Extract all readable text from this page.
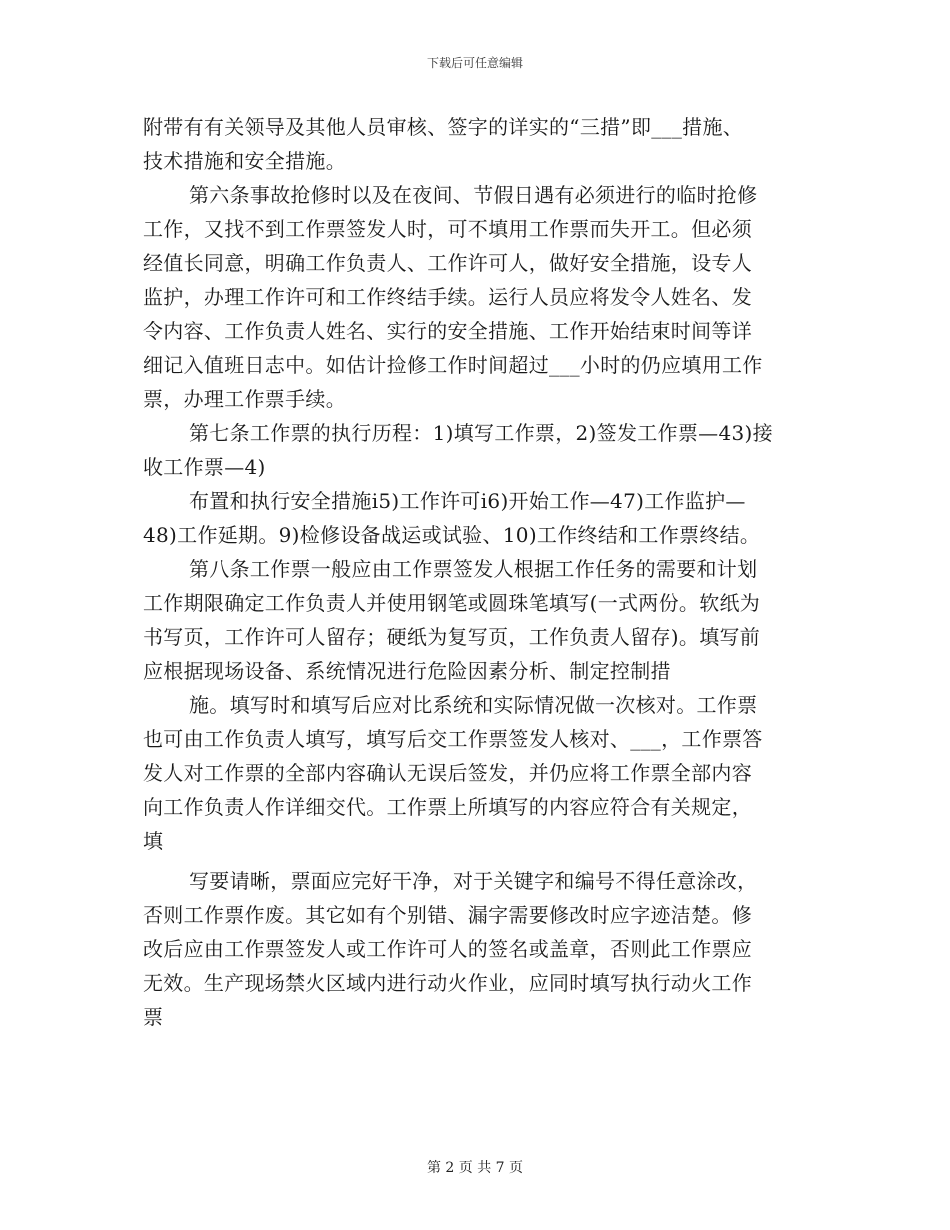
下载后可任意编辑
附带有有关领导及其他人员审核、签字的详实的“三措”即___措施、
技术措施和安全措施。
第六条事故抢修时以及在夜间、节假日遇有必须进行的临时抢修
工作，又找不到工作票签发人时，可不填用工作票而失开工。但必须
经值长同意，明确工作负责人、工作许可人，做好安全措施，设专人
监护，办理工作许可和工作终结手续。运行人员应将发令人姓名、发
令内容、工作负责人姓名、实行的安全措施、工作开始结束时间等详
细记入值班日志中。如估计捡修工作时间超过___小时的仍应填用工作
票，办理工作票手续。
第七条工作票的执行历程：1)填写工作票，2)签发工作票—43)接
收工作票—4)
布置和执行安全措施i5)工作许可i6)开始工作—47)工作监护—
48)工作延期。9)检修设备战运或试验、10)工作终结和工作票终结。
第八条工作票一般应由工作票签发人根据工作任务的需要和计划
工作期限确定工作负责人并使用钢笔或圆珠笔填写(一式两份。软纸为
书写页，工作许可人留存；硬纸为复写页，工作负责人留存)。填写前
应根据现场设备、系统情况进行危险因素分析、制定控制措
施。填写时和填写后应对比系统和实际情况做一次核对。工作票
也可由工作负责人填写，填写后交工作票签发人核对、___，工作票答
发人对工作票的全部内容确认无误后签发，并仍应将工作票全部内容
向工作负责人作详细交代。工作票上所填写的内容应符合有关规定，
填
写要请晰，票面应完好干净，对于关键字和编号不得任意涂改，
否则工作票作废。其它如有个别错、漏字需要修改时应字迹洁楚。修
改后应由工作票签发人或工作许可人的签名或盖章，否则此工作票应
无效。生产现场禁火区域内进行动火作业，应同时填写执行动火工作
票
第 2 页 共 7 页
